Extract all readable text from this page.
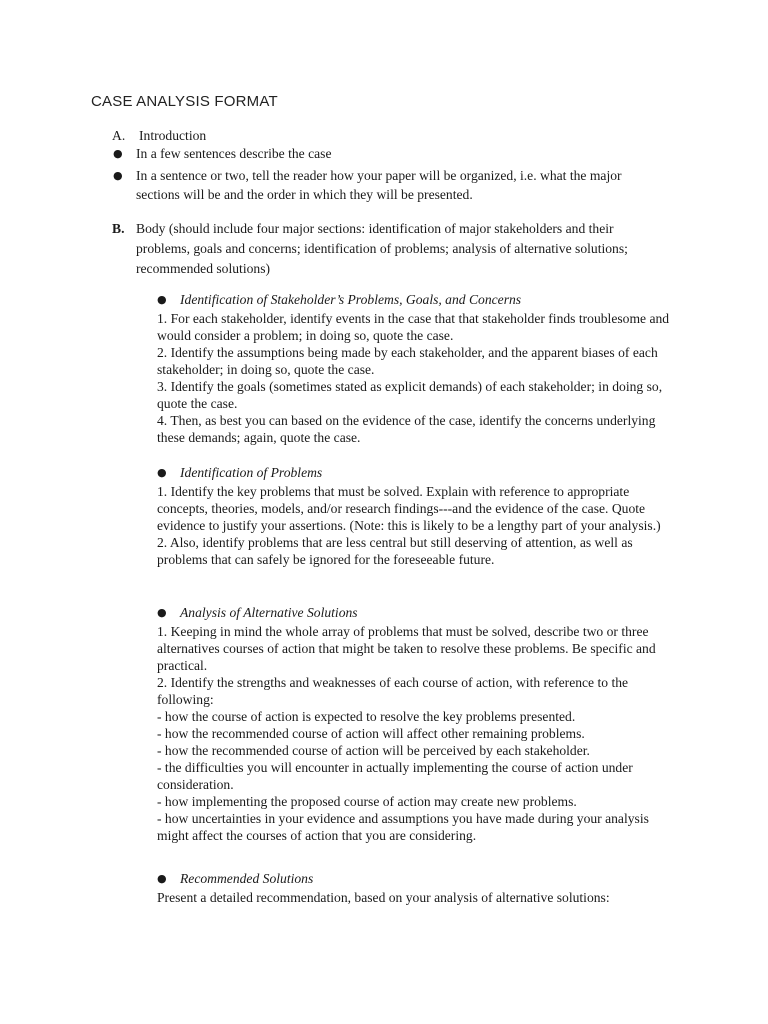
CASE ANALYSIS FORMAT
A. Introduction
● In a few sentences describe the case
● In a sentence or two, tell the reader how your paper will be organized, i.e. what the major sections will be and the order in which they will be presented.
B. Body (should include four major sections: identification of major stakeholders and their problems, goals and concerns; identification of problems; analysis of alternative solutions; recommended solutions)
● Identification of Stakeholder’s Problems, Goals, and Concerns
1. For each stakeholder, identify events in the case that that stakeholder finds troublesome and would consider a problem; in doing so, quote the case.
2. Identify the assumptions being made by each stakeholder, and the apparent biases of each stakeholder; in doing so, quote the case.
3. Identify the goals (sometimes stated as explicit demands) of each stakeholder; in doing so, quote the case.
4. Then, as best you can based on the evidence of the case, identify the concerns underlying these demands; again, quote the case.
● Identification of Problems
1. Identify the key problems that must be solved. Explain with reference to appropriate concepts, theories, models, and/or research findings---and the evidence of the case. Quote evidence to justify your assertions. (Note: this is likely to be a lengthy part of your analysis.)
2. Also, identify problems that are less central but still deserving of attention, as well as problems that can safely be ignored for the foreseeable future.
● Analysis of Alternative Solutions
1. Keeping in mind the whole array of problems that must be solved, describe two or three alternatives courses of action that might be taken to resolve these problems. Be specific and practical.
2. Identify the strengths and weaknesses of each course of action, with reference to the following:
- how the course of action is expected to resolve the key problems presented.
- how the recommended course of action will affect other remaining problems.
- how the recommended course of action will be perceived by each stakeholder.
- the difficulties you will encounter in actually implementing the course of action under consideration.
- how implementing the proposed course of action may create new problems.
- how uncertainties in your evidence and assumptions you have made during your analysis might affect the courses of action that you are considering.
● Recommended Solutions
Present a detailed recommendation, based on your analysis of alternative solutions:
